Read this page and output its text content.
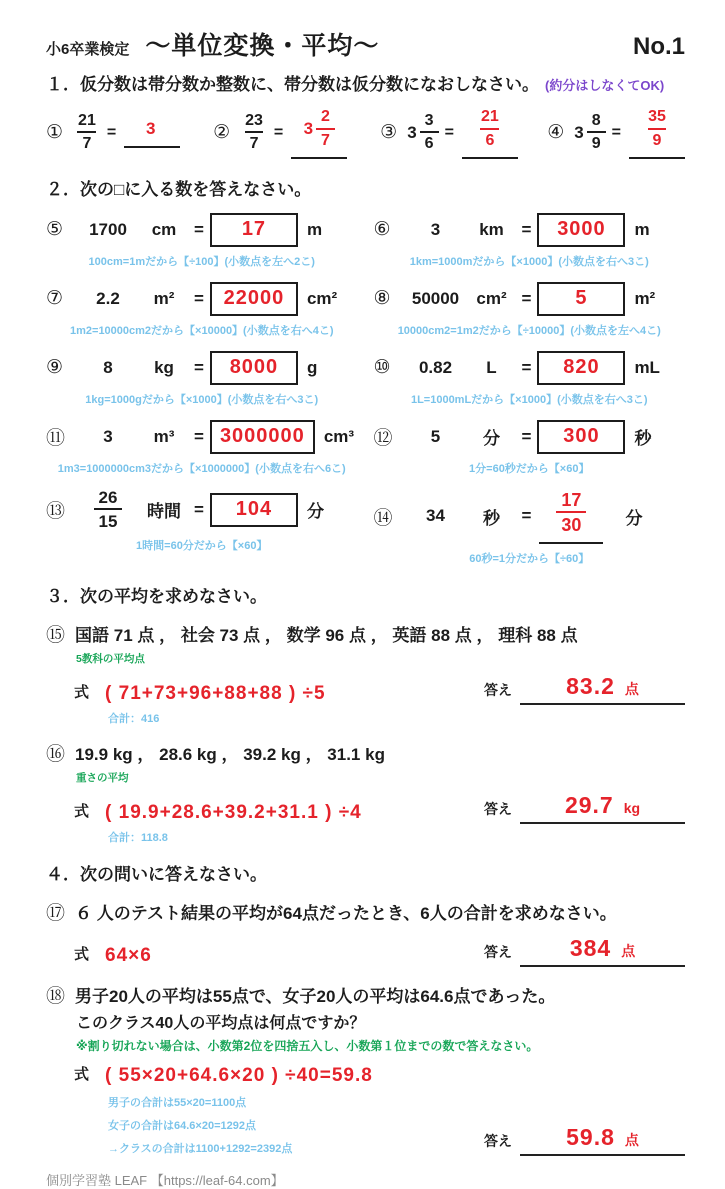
小6卒業検定 〜単位変換・平均〜	No.1
１．仮分数は帯分数か整数に、帯分数は仮分数になおしなさい。 (約分はしなくてOK)
① $\frac{21}{7} = 3$	② $\frac{23}{7} = 3 \frac{2}{7}$ ③ $3 \frac{3}{6} = \frac{21}{6}$ ④ $3 \frac{8}{9} = \frac{35}{9}$
２．次の□に入る数を答えなさい。
⑤	1700	cm	=	17	m
100cm=1mだから【÷100】(小数点を左へ2こ)
⑥	3	km	=	3000	m
1km=1000mだから【×1000】(小数点を右へ3こ)
⑦	2.2	m²	= 22000	cm²
1m2=10000cm2だから【×10000】(小数点を右へ4こ)
⑧	50000	cm² =	5	m²
10000cm2=1m2だから【÷10000】(小数点を左へ4こ)
⑨	8	kg	=	8000	g
1kg=1000gだから【×1000】(小数点を右へ3こ)
⑩	0.82	L	=	820	mL
1L=1000mLだから【×1000】(小数点を右へ3こ)
⑪	3	m³	= 3000000	cm³
1m3=1000000cm3だから【×1000000】(小数点を右へ6こ)
⑫	5	分	=	300	秒
1分=60秒だから【×60】
⑬	$\frac{26}{15}$	時間 =	104	分
1時間=60分だから【×60】
⑭	34	秒	= $\frac{17}{30}$ 分
60秒=1分だから【÷60】
３．次の平均を求めなさい。
⑮ 国語 71 点 ， 社会 73 点 ， 数学 96 点 ， 英語 88 点 ， 理科 88 点
5教科の平均点
式 ( 71+73+96+88+88 ) ÷5	答え 83.2 点
合計：416
⑯ 19.9 kg ， 28.6 kg ， 39.2 kg ， 31.1 kg
重さの平均
式 ( 19.9+28.6+39.2+31.1 ) ÷4	答え 29.7 kg
合計：118.8
４．次の問いに答えなさい。
⑰ ６ 人のテスト結果の平均が64点だったとき、6人の合計を求めなさい。
式 64×6	答え	384 点
⑱ 男子20人の平均は55点で、女子20人の平均は64.6点であった。
このクラス40人の平均点は何点ですか？
※割り切れない場合は、小数第2位を四捨五入し、小数第１位までの数で答えなさい。
式 ( 55×20+64.6×20 ) ÷40=59.8
男子の合計は55×20=1100点
女子の合計は64.6×20=1292点
→クラスの合計は1100+1292=2392点	答え 59.8 点
個別学習塾 LEAF 【https://leaf-64.com】
